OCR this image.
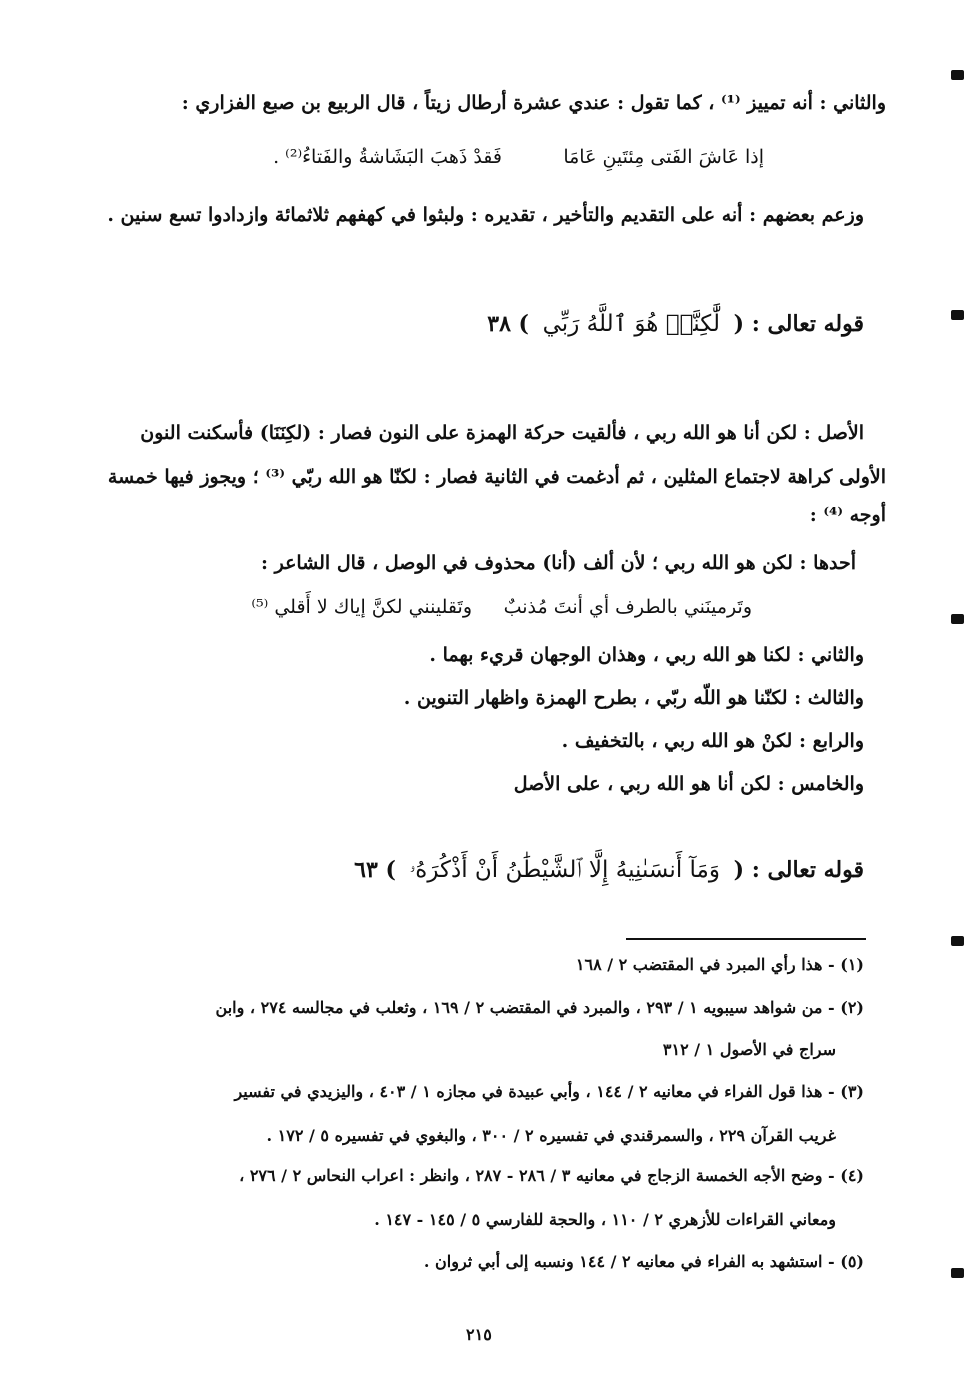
والثاني : أنه تمييز ⁽¹⁾ ، كما تقول : عندي عشرة أرطال زيتاً ، قال الربيع بن صبع الفزاري :
إذا عَاشَ الفَتى مِئتَينِ عَامَا
فَقدْ ذَهبَ البَشَاشةُ والفَتاءُ⁽²⁾ .
وزعم بعضهم : أنه على التقديم والتأخير ، تقديره : ولبثوا في كهفهم ثلاثمائة وازدادوا تسع سنين .
قوله تعالى : ( لَّٰكِنَّا۠ هُوَ ٱللَّهُ رَبِّي ) ٣٨
الأصل : لكن أنا هو الله ربي ، فألقيت حركة الهمزة على النون فصار : (لكِنَنَا) فأسكنت النون
الأولى كراهة لاجتماع المثلين ، ثم أدغمت في الثانية فصار : لكنّا هو الله ربّي ⁽³⁾ ؛ ويجوز فيها خمسة
أوجه ⁽⁴⁾ :
أحدها : لكن هو الله ربي ؛ لأن ألف (أنا) محذوف في الوصل ، قال الشاعر :
وتَرمينَني بالطرف أي أنتَ مُذنبٌ
وتَقلينني لكنَّ إياك لا أَقلي ⁽⁵⁾
والثاني : لكنا هو الله ربي ، وهذان الوجهان قريء بهما .
والثالث : لكنّنا هو اللّه ربّي ، بطرح الهمزة واظهار التنوين .
والرابع : لكنْ هو الله ربي ، بالتخفيف .
والخامس : لكن أنا هو الله ربي ، على الأصل
قوله تعالى : ( وَمَآ أَنسَىٰنِيهُ إِلَّا ٱلشَّيْطَٰنُ أَنْ أَذْكُرَهُۥ ) ٦٣
(١) - هذا رأي المبرد في المقتضب ٢ / ١٦٨
(٢) - من شواهد سيبويه ١ / ٢٩٣ ، والمبرد في المقتضب ٢ / ١٦٩ ، وثعلب في مجالسه ٢٧٤ ، وابن
سراج في الأصول ١ / ٣١٢
(٣) - هذا قول الفراء في معانيه ٢ / ١٤٤ ، وأبي عبيدة في مجازه ١ / ٤٠٣ ، واليزيدي في تفسير
غريب القرآن ٢٢٩ ، والسمرقندي في تفسيره ٢ / ٣٠٠ ، والبغوي في تفسيره ٥ / ١٧٢ .
(٤) - وضح الأجه الخمسة الزجاج في معانيه ٣ / ٢٨٦ - ٢٨٧ ، وانظر : اعراب النحاس ٢ / ٢٧٦ ،
ومعاني القراءات للأزهري ٢ / ١١٠ ، والحجة للفارسي ٥ / ١٤٥ - ١٤٧ .
(٥) - استشهد به الفراء في معانيه ٢ / ١٤٤ ونسبه إلى أبي ثروان .
٢١٥
